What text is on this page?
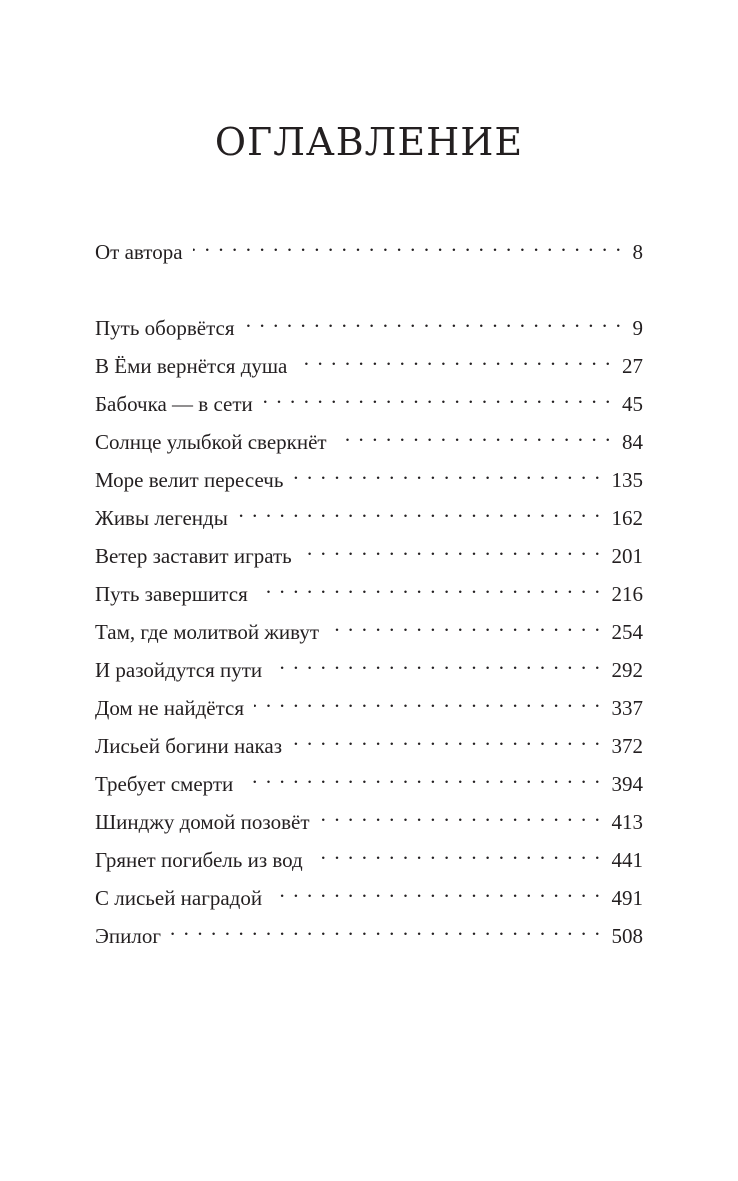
ОГЛАВЛЕНИЕ
От автора . . .	8
Путь оборвётся . . .	9
В Ёми вернётся душа . . .	27
Бабочка — в сети . . .	45
Солнце улыбкой сверкнёт . . .	84
Море велит пересечь . . .	135
Живы легенды . . .	162
Ветер заставит играть . . .	201
Путь завершится . . .	216
Там, где молитвой живут . . .	254
И разойдутся пути . . .	292
Дом не найдётся . . .	337
Лисьей богини наказ . . .	372
Требует смерти . . .	394
Шинджу домой позовёт . . .	413
Грянет погибель из вод . . .	441
С лисьей наградой . . .	491
Эпилог . . .	508
